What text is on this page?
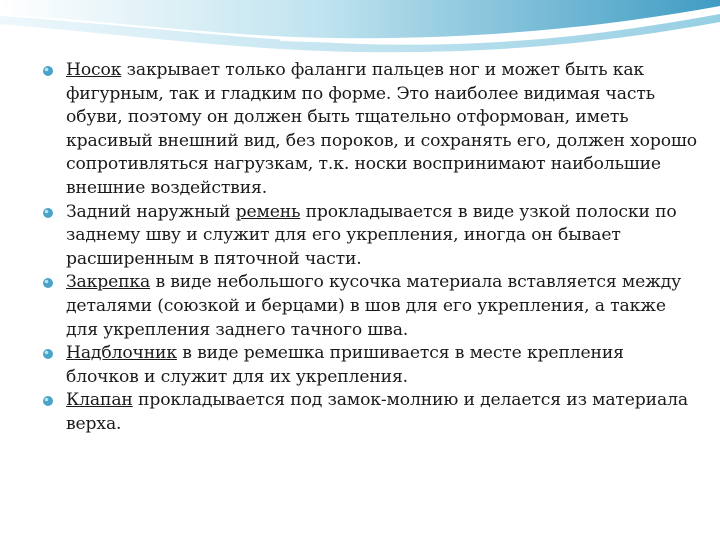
Носок закрывает только фаланги пальцев ног и может быть как фигурным, так и гладким по форме. Это наиболее видимая часть обуви, поэтому он должен быть тщательно отформован, иметь красивый внешний вид, без пороков, и сохранять его, должен хорошо сопротивляться нагрузкам, т.к. носки воспринимают наибольшие внешние воздействия.
Задний наружный ремень прокладывается в виде узкой полоски по заднему шву и служит для его укрепления, иногда он бывает расширенным в пяточной части.
Закрепка в виде небольшого кусочка материала вставляется между деталями (союзкой и берцами) в шов для его укрепления, а также для укрепления заднего тачного шва.
Надблочник в виде ремешка пришивается в месте крепления блочков и служит для их укрепления.
Клапан прокладывается под замок-молнию и делается из материала верха.
